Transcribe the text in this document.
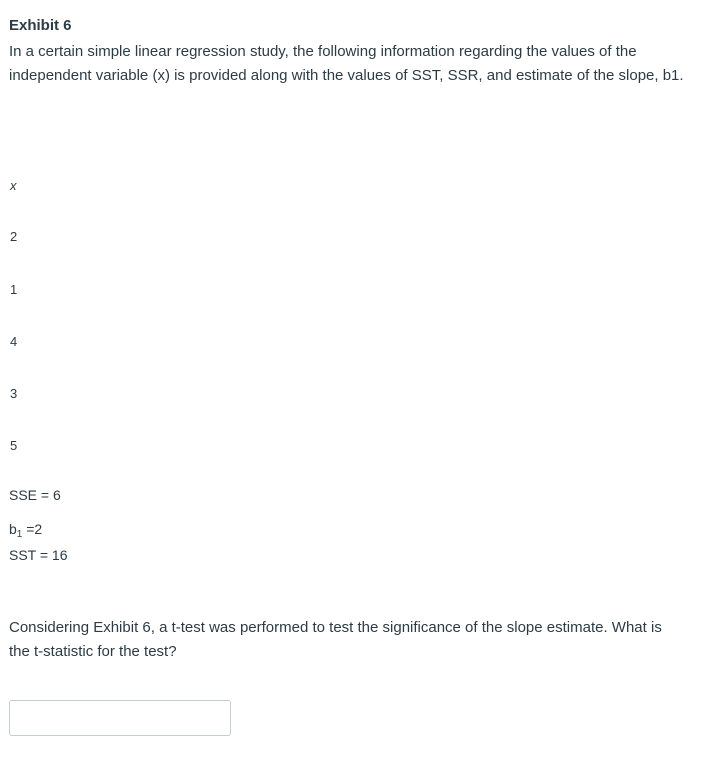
Exhibit 6
In a certain simple linear regression study, the following information regarding the values of the
independent variable (x) is provided along with the values of SST, SSR, and estimate of the slope, b1.
x
2
1
4
3
5
SSE = 6
$b_1 =2$
SST = 16
Considering Exhibit 6, a t-test was performed to test the significance of the slope estimate. What is
the t-statistic for the test?
